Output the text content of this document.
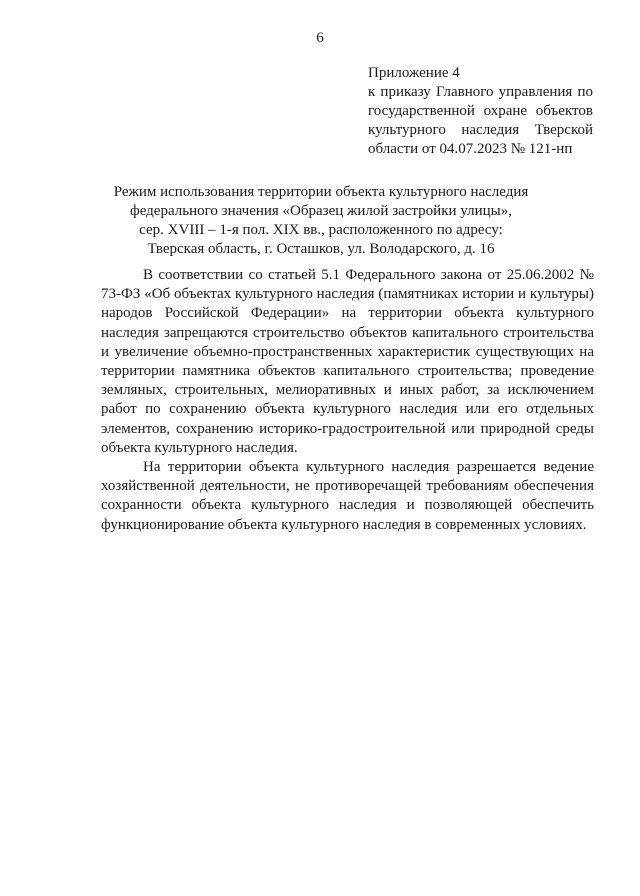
6
Приложение 4
к приказу Главного управления по государственной охране объектов культурного наследия Тверской области от 04.07.2023 № 121-нп
Режим использования территории объекта культурного наследия
федерального значения «Образец жилой застройки улицы»,
сер. XVIII – 1-я пол. XIX вв., расположенного по адресу:
Тверская область, г. Осташков, ул. Володарского, д. 16

В соответствии со статьей 5.1 Федерального закона от 25.06.2002 № 73-ФЗ «Об объектах культурного наследия (памятниках истории и культуры) народов Российской Федерации» на территории объекта культурного наследия запрещаются строительство объектов капитального строительства и увеличение объемно-пространственных характеристик существующих на территории памятника объектов капитального строительства; проведение земляных, строительных, мелиоративных и иных работ, за исключением работ по сохранению объекта культурного наследия или его отдельных элементов, сохранению историко-градостроительной или природной среды объекта культурного наследия.

На территории объекта культурного наследия разрешается ведение хозяйственной деятельности, не противоречащей требованиям обеспечения сохранности объекта культурного наследия и позволяющей обеспечить функционирование объекта культурного наследия в современных условиях.
